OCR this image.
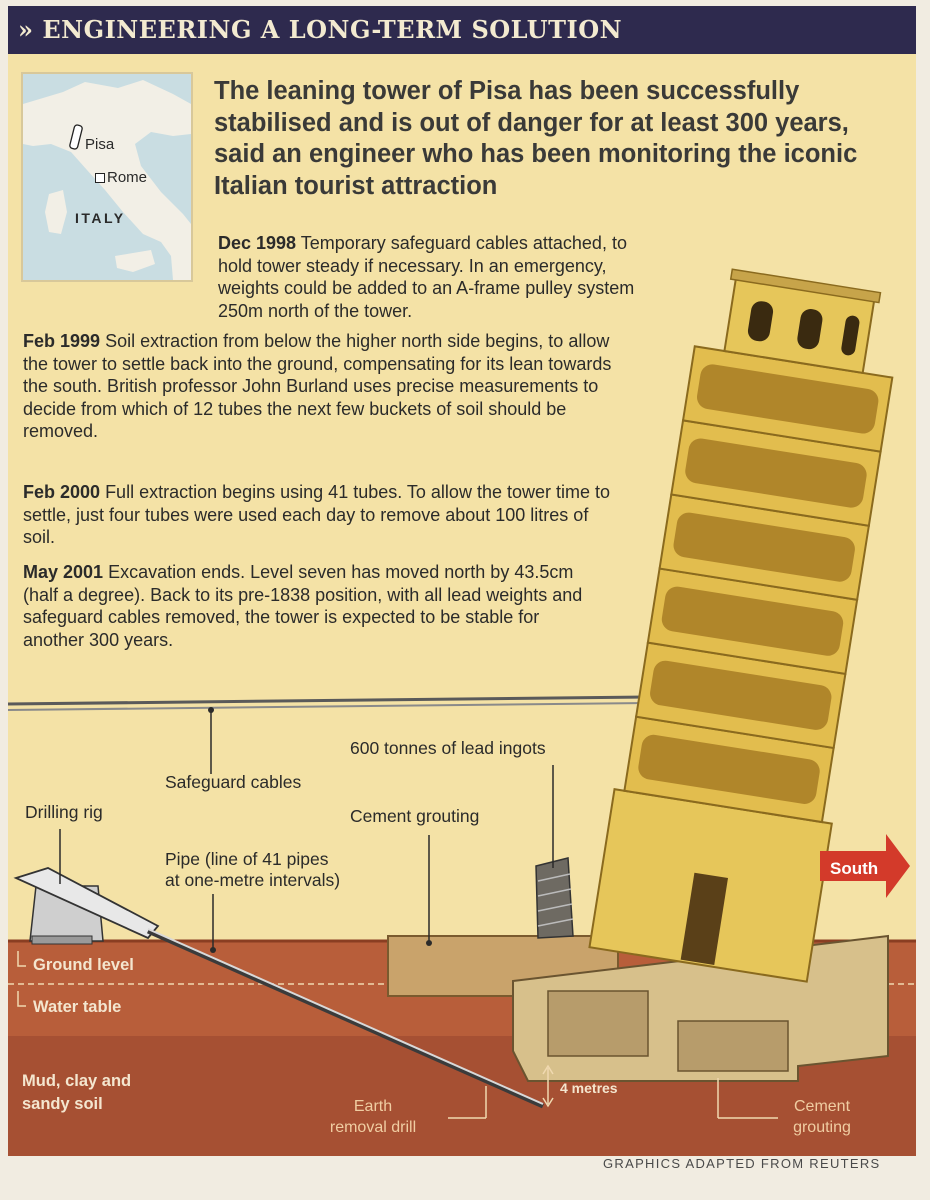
» ENGINEERING A LONG-TERM SOLUTION
Pisa
Rome
ITALY
The leaning tower of Pisa has been successfully stabilised and is out of danger for at least 300 years, said an engineer who has been monitoring the iconic Italian tourist attraction
Dec 1998 Temporary safeguard cables attached, to hold tower steady if necessary. In an emergency, weights could be added to an A-frame pulley system 250m north of the tower.
Feb 1999 Soil extraction from below the higher north side begins, to allow the tower to settle back into the ground, compensating for its lean towards the south. British professor John Burland uses precise measurements to decide from which of 12 tubes the next few buckets of soil should be removed.
Feb 2000 Full extraction begins using 41 tubes. To allow the tower time to settle, just four tubes were used each day to remove about 100 litres of soil.
May 2001 Excavation ends. Level seven has moved north by 43.5cm (half a degree). Back to its pre-1838 position, with all lead weights and safeguard cables removed, the tower is expected to be stable for another 300 years.
Safeguard cables
600 tonnes of lead ingots
Drilling rig	Cement grouting
Pipe (line of 41 pipes
at one-metre intervals)
South
Ground level
Water table
Mud, clay and
sandy soil
4 metres
Earth
removal drill
Cement
grouting
GRAPHICS ADAPTED FROM REUTERS
